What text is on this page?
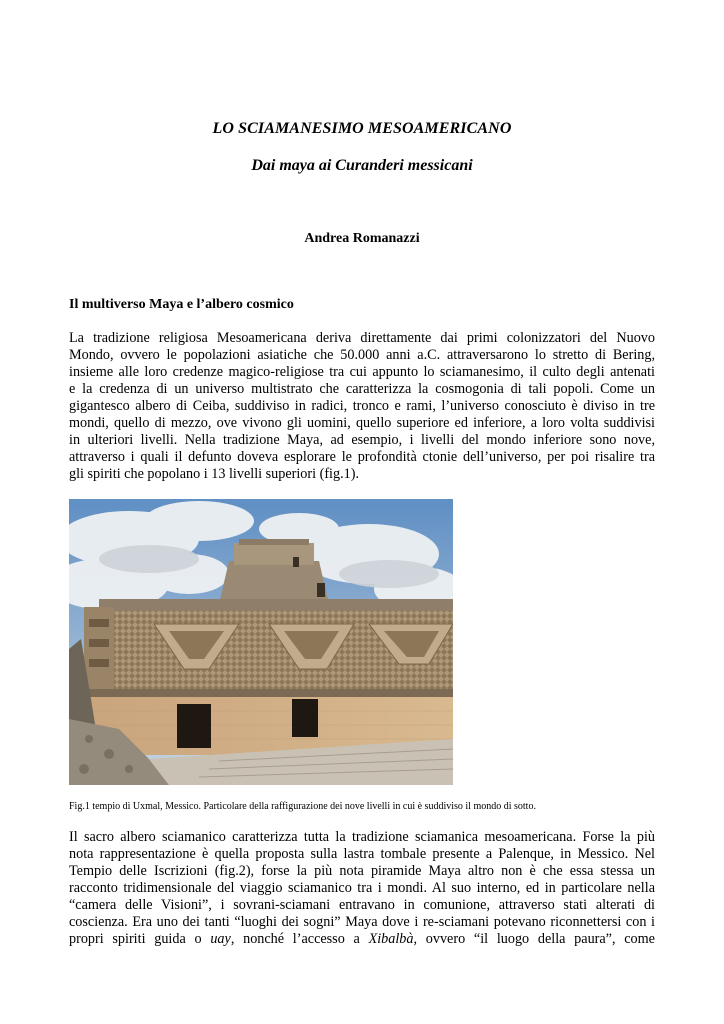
LO SCIAMANESIMO MESOAMERICANO
Dai maya ai Curanderi messicani
Andrea Romanazzi
Il multiverso Maya e l’albero cosmico
La tradizione religiosa Mesoamericana deriva direttamente dai primi colonizzatori del Nuovo
Mondo, ovvero le popolazioni asiatiche che 50.000 anni a.C. attraversarono lo stretto di Bering,
insieme alle loro credenze magico-religiose tra cui appunto lo sciamanesimo, il culto degli antenati
e la credenza di un universo multistrato che caratterizza la cosmogonia di tali popoli. Come un
gigantesco albero di Ceiba, suddiviso in radici, tronco e rami, l’universo conosciuto è diviso in tre
mondi, quello di mezzo, ove vivono gli uomini, quello superiore ed inferiore, a loro volta suddivisi
in ulteriori livelli. Nella tradizione Maya, ad esempio, i livelli del mondo inferiore sono nove,
attraverso i quali il defunto doveva esplorare le profondità ctonie dell’universo, per poi risalire tra
gli spiriti che popolano i 13 livelli superiori (fig.1).
Fig.1 tempio di Uxmal, Messico. Particolare della raffigurazione dei nove livelli in cui è suddiviso il mondo di sotto.
Il sacro albero sciamanico caratterizza tutta la tradizione sciamanica mesoamericana. Forse la più
nota rappresentazione è quella proposta sulla lastra tombale presente a Palenque, in Messico. Nel
Tempio delle Iscrizioni (fig.2), forse la più nota piramide Maya altro non è che essa stessa un
racconto tridimensionale del viaggio sciamanico tra i mondi. Al suo interno, ed in particolare nella
“camera delle Visioni”, i sovrani-sciamani entravano in comunione, attraverso stati alterati di
coscienza. Era uno dei tanti “luoghi dei sogni” Maya dove i re-sciamani potevano riconnettersi con i
propri spiriti guida o uay, nonché l’accesso a Xibalbà, ovvero “il luogo della paura”, come
